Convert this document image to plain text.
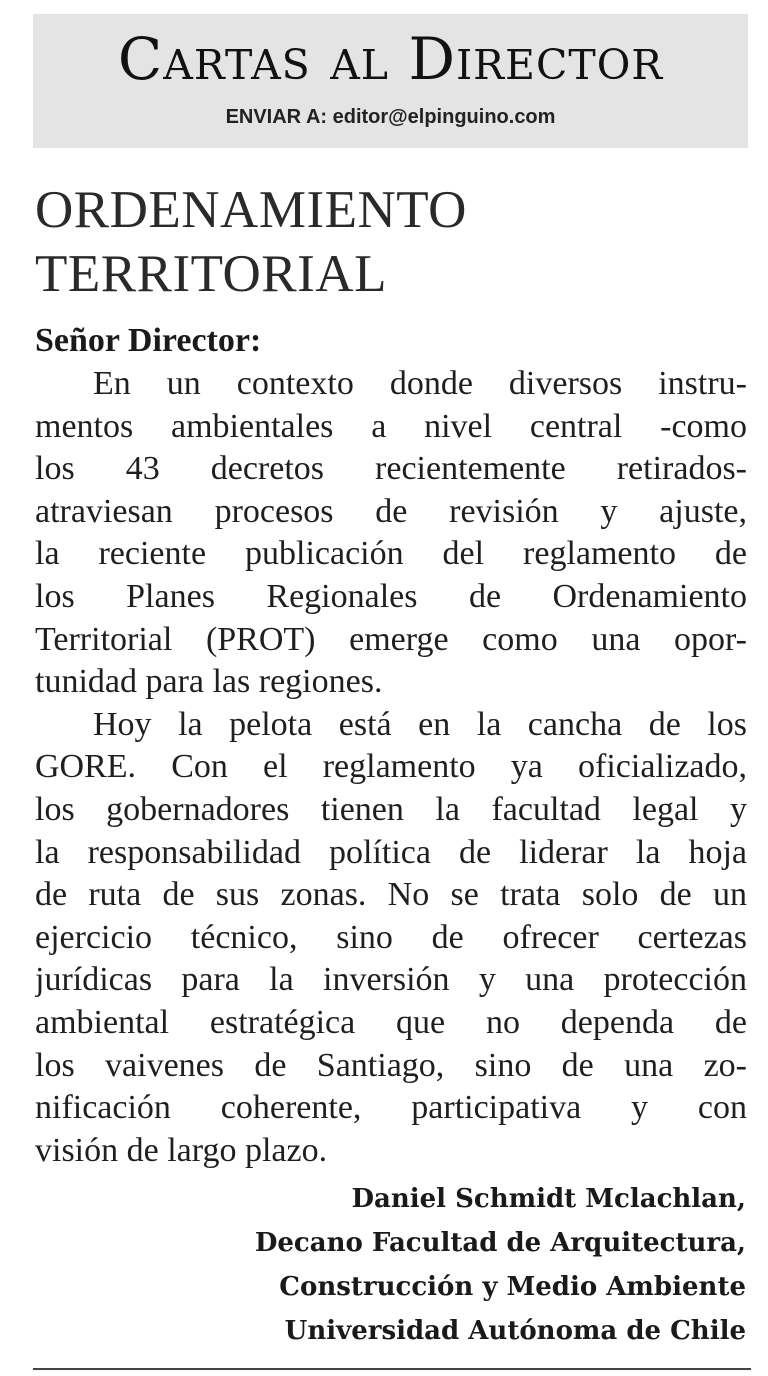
Cartas al Director
ENVIAR A: editor@elpinguino.com
ORDENAMIENTO
TERRITORIAL
Señor Director:
En un contexto donde diversos instru-
mentos ambientales a nivel central -como
los 43 decretos recientemente retirados-
atraviesan procesos de revisión y ajuste,
la reciente publicación del reglamento de
los Planes Regionales de Ordenamiento
Territorial (PROT) emerge como una opor-
tunidad para las regiones.
Hoy la pelota está en la cancha de los
GORE. Con el reglamento ya oficializado,
los gobernadores tienen la facultad legal y
la responsabilidad política de liderar la hoja
de ruta de sus zonas. No se trata solo de un
ejercicio técnico, sino de ofrecer certezas
jurídicas para la inversión y una protección
ambiental estratégica que no dependa de
los vaivenes de Santiago, sino de una zo-
nificación coherente, participativa y con
visión de largo plazo.
Daniel Schmidt Mclachlan,
Decano Facultad de Arquitectura,
Construcción y Medio Ambiente
Universidad Autónoma de Chile
